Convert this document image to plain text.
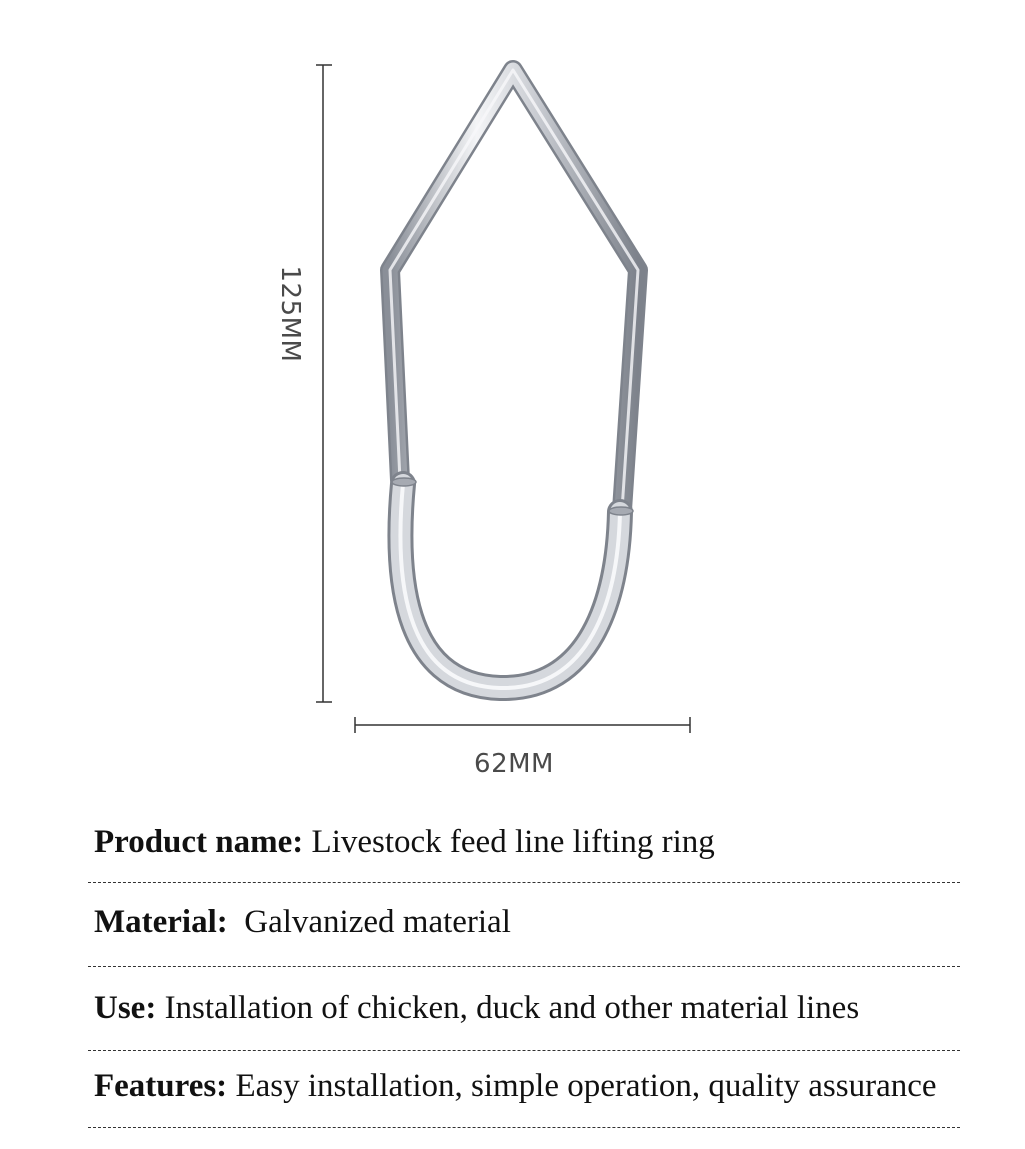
125MM
62MM
Product name: Livestock feed line lifting ring
Material:  Galvanized material
Use: Installation of chicken, duck and other material lines
Features: Easy installation, simple operation, quality assurance
